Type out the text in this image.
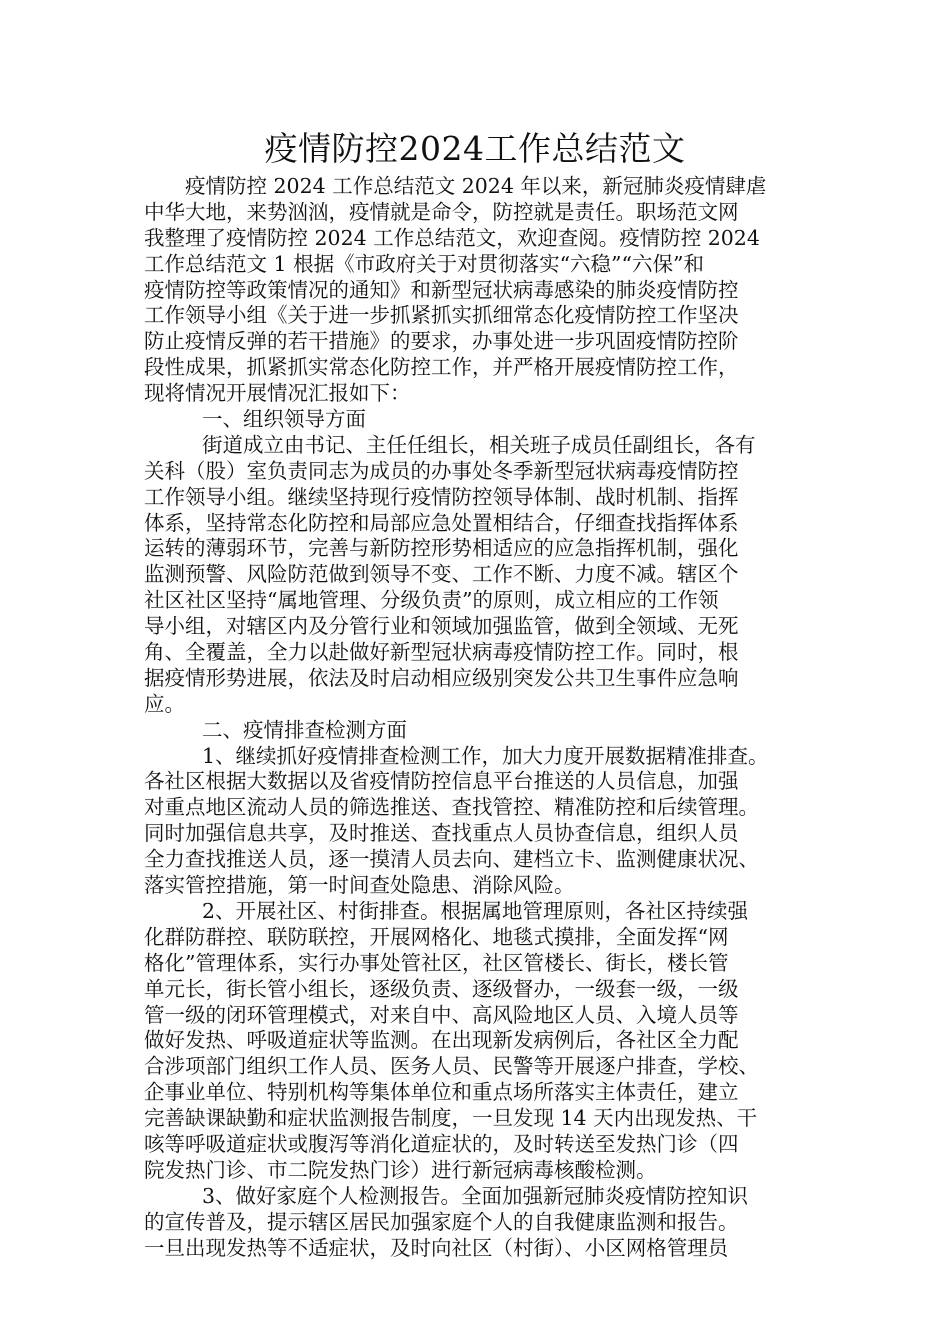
疫情防控2024工作总结范文
疫情防控 2024 工作总结范文 2024 年以来，新冠肺炎疫情肆虐
中华大地，来势汹汹，疫情就是命令，防控就是责任。职场范文网
我整理了疫情防控 2024 工作总结范文，欢迎查阅。疫情防控 2024
工作总结范文 1 根据《市政府关于对贯彻落实“六稳”“六保”和
疫情防控等政策情况的通知》和新型冠状病毒感染的肺炎疫情防控
工作领导小组《关于进一步抓紧抓实抓细常态化疫情防控工作坚决
防止疫情反弹的若干措施》的要求，办事处进一步巩固疫情防控阶
段性成果，抓紧抓实常态化防控工作，并严格开展疫情防控工作，
现将情况开展情况汇报如下：
一、组织领导方面
街道成立由书记、主任任组长，相关班子成员任副组长，各有
关科（股）室负责同志为成员的办事处冬季新型冠状病毒疫情防控
工作领导小组。继续坚持现行疫情防控领导体制、战时机制、指挥
体系，坚持常态化防控和局部应急处置相结合，仔细查找指挥体系
运转的薄弱环节，完善与新防控形势相适应的应急指挥机制，强化
监测预警、风险防范做到领导不变、工作不断、力度不减。辖区个
社区社区坚持“属地管理、分级负责”的原则，成立相应的工作领
导小组，对辖区内及分管行业和领域加强监管，做到全领域、无死
角、全覆盖，全力以赴做好新型冠状病毒疫情防控工作。同时，根
据疫情形势进展，依法及时启动相应级别突发公共卫生事件应急响
应。
二、疫情排查检测方面
1、继续抓好疫情排查检测工作，加大力度开展数据精准排查。
各社区根据大数据以及省疫情防控信息平台推送的人员信息，加强
对重点地区流动人员的筛选推送、查找管控、精准防控和后续管理。
同时加强信息共享，及时推送、查找重点人员协查信息，组织人员
全力查找推送人员，逐一摸清人员去向、建档立卡、监测健康状况、
落实管控措施，第一时间查处隐患、消除风险。
2、开展社区、村街排查。根据属地管理原则，各社区持续强
化群防群控、联防联控，开展网格化、地毯式摸排，全面发挥“网
格化”管理体系，实行办事处管社区，社区管楼长、街长，楼长管
单元长，街长管小组长，逐级负责、逐级督办，一级套一级，一级
管一级的闭环管理模式，对来自中、高风险地区人员、入境人员等
做好发热、呼吸道症状等监测。在出现新发病例后，各社区全力配
合涉项部门组织工作人员、医务人员、民警等开展逐户排查，学校、
企事业单位、特别机构等集体单位和重点场所落实主体责任，建立
完善缺课缺勤和症状监测报告制度，一旦发现 14 天内出现发热、干
咳等呼吸道症状或腹泻等消化道症状的，及时转送至发热门诊（四
院发热门诊、市二院发热门诊）进行新冠病毒核酸检测。
3、做好家庭个人检测报告。全面加强新冠肺炎疫情防控知识
的宣传普及，提示辖区居民加强家庭个人的自我健康监测和报告。
一旦出现发热等不适症状，及时向社区（村街）、小区网格管理员
